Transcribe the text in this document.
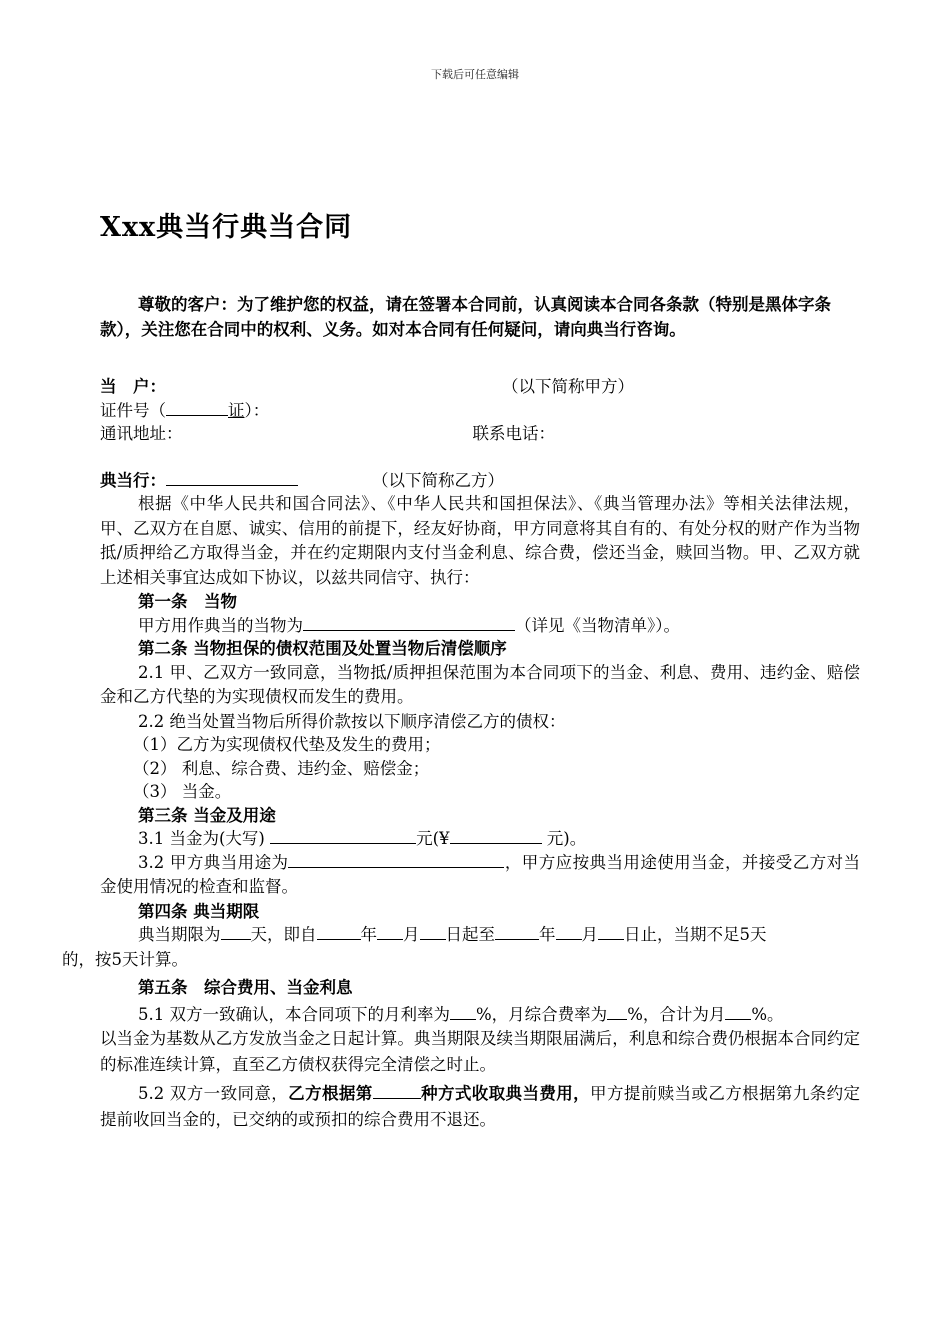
下载后可任意编辑
Xxx典当行典当合同

尊敬的客户：为了维护您的权益，请在签署本合同前，认真阅读本合同各条款（特别是黑体字条款），关注您在合同中的权利、义务。如对本合同有任何疑问，请向典当行咨询。

当　户：	（以下简称甲方）

证件号（	证）：

通讯地址：	联系电话：

典当行：	（以下简称乙方）

根据《中华人民共和国合同法》、《中华人民共和国担保法》、《典当管理办法》等相关法律法规，甲、乙双方在自愿、诚实、信用的前提下，经友好协商，甲方同意将其自有的、有处分权的财产作为当物抵/质押给乙方取得当金，并在约定期限内支付当金利息、综合费，偿还当金，赎回当物。甲、乙双方就上述相关事宜达成如下协议，以兹共同信守、执行：

第一条　当物

甲方用作典当的当物为	（详见《当物清单》）。

第二条 当物担保的债权范围及处置当物后清偿顺序

2.1 甲、乙双方一致同意，当物抵/质押担保范围为本合同项下的当金、利息、费用、违约金、赔偿金和乙方代垫的为实现债权而发生的费用。

2.2 绝当处置当物后所得价款按以下顺序清偿乙方的债权：

（1）乙方为实现债权代垫及发生的费用；

（2） 利息、综合费、违约金、赔偿金；

（3） 当金。

第三条 当金及用途

3.1 当金为(大写)	元(¥	元)。

3.2 甲方典当用途为	，甲方应按典当用途使用当金，并接受乙方对当金使用情况的检查和监督。

第四条 典当期限

典当期限为 天，即自	年 月 日起至	年 月 日止，当期不足5天
的，按5天计算。

第五条　综合费用、当金利息

5.1 双方一致确认，本合同项下的月利率为 %，月综合费率为 %，合计为月 %。

以当金为基数从乙方发放当金之日起计算。典当期限及续当期限届满后，利息和综合费仍根据本合同约定的标准连续计算，直至乙方债权获得完全清偿之时止。

5.2 双方一致同意，乙方根据第	种方式收取典当费用，甲方提前赎当或乙方根据第九条约定提前收回当金的，已交纳的或预扣的综合费用不退还。
